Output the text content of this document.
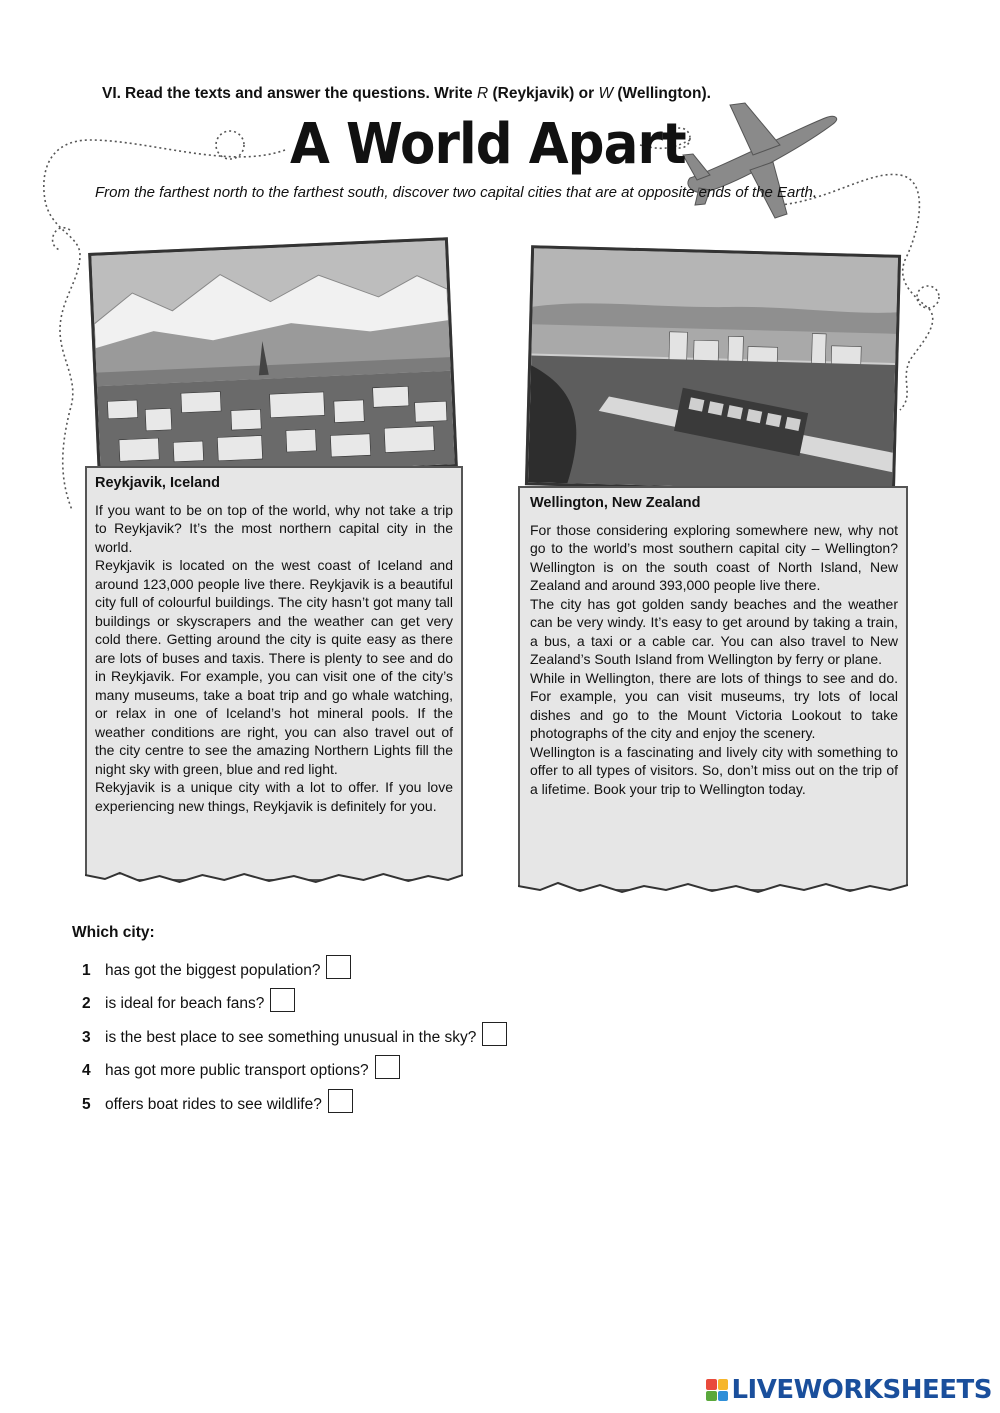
VI. Read the texts and answer the questions. Write R (Reykjavik) or W (Wellington).
A World Apart
From the farthest north to the farthest south, discover two capital cities that are at opposite ends of the Earth.
Reykjavik, Iceland

If you want to be on top of the world, why not take a trip to Reykjavik? It’s the most northern capital city in the world.

Reykjavik is located on the west coast of Iceland and around 123,000 people live there. Reykjavik is a beautiful city full of colourful buildings. The city hasn’t got many tall buildings or skyscrapers and the weather can get very cold there. Getting around the city is quite easy as there are lots of buses and taxis. There is plenty to see and do in Reykjavik. For example, you can visit one of the city’s many museums, take a boat trip and go whale watching, or relax in one of Iceland’s hot mineral pools. If the weather conditions are right, you can also travel out of the city centre to see the amazing Northern Lights fill the night sky with green, blue and red light.

Rekyjavik is a unique city with a lot to offer. If you love experiencing new things, Reykjavik is definitely for you.

Wellington, New Zealand

For those considering exploring somewhere new, why not go to the world’s most southern capital city – Wellington? Wellington is on the south coast of North Island, New Zealand and around 393,000 people live there.

The city has got golden sandy beaches and the weather can be very windy. It’s easy to get around by taking a train, a bus, a taxi or a cable car. You can also travel to New Zealand’s South Island from Wellington by ferry or plane.

While in Wellington, there are lots of things to see and do. For example, you can visit museums, try lots of local dishes and go to the Mount Victoria Lookout to take photographs of the city and enjoy the scenery.

Wellington is a fascinating and lively city with something to offer to all types of visitors. So, don’t miss out on the trip of a lifetime. Book your trip to Wellington today.

Which city:
1 has got the biggest population?
2 is ideal for beach fans?
3 is the best place to see something unusual in the sky?
4 has got more public transport options?
5 offers boat rides to see wildlife?
LIVEWORKSHEETS
